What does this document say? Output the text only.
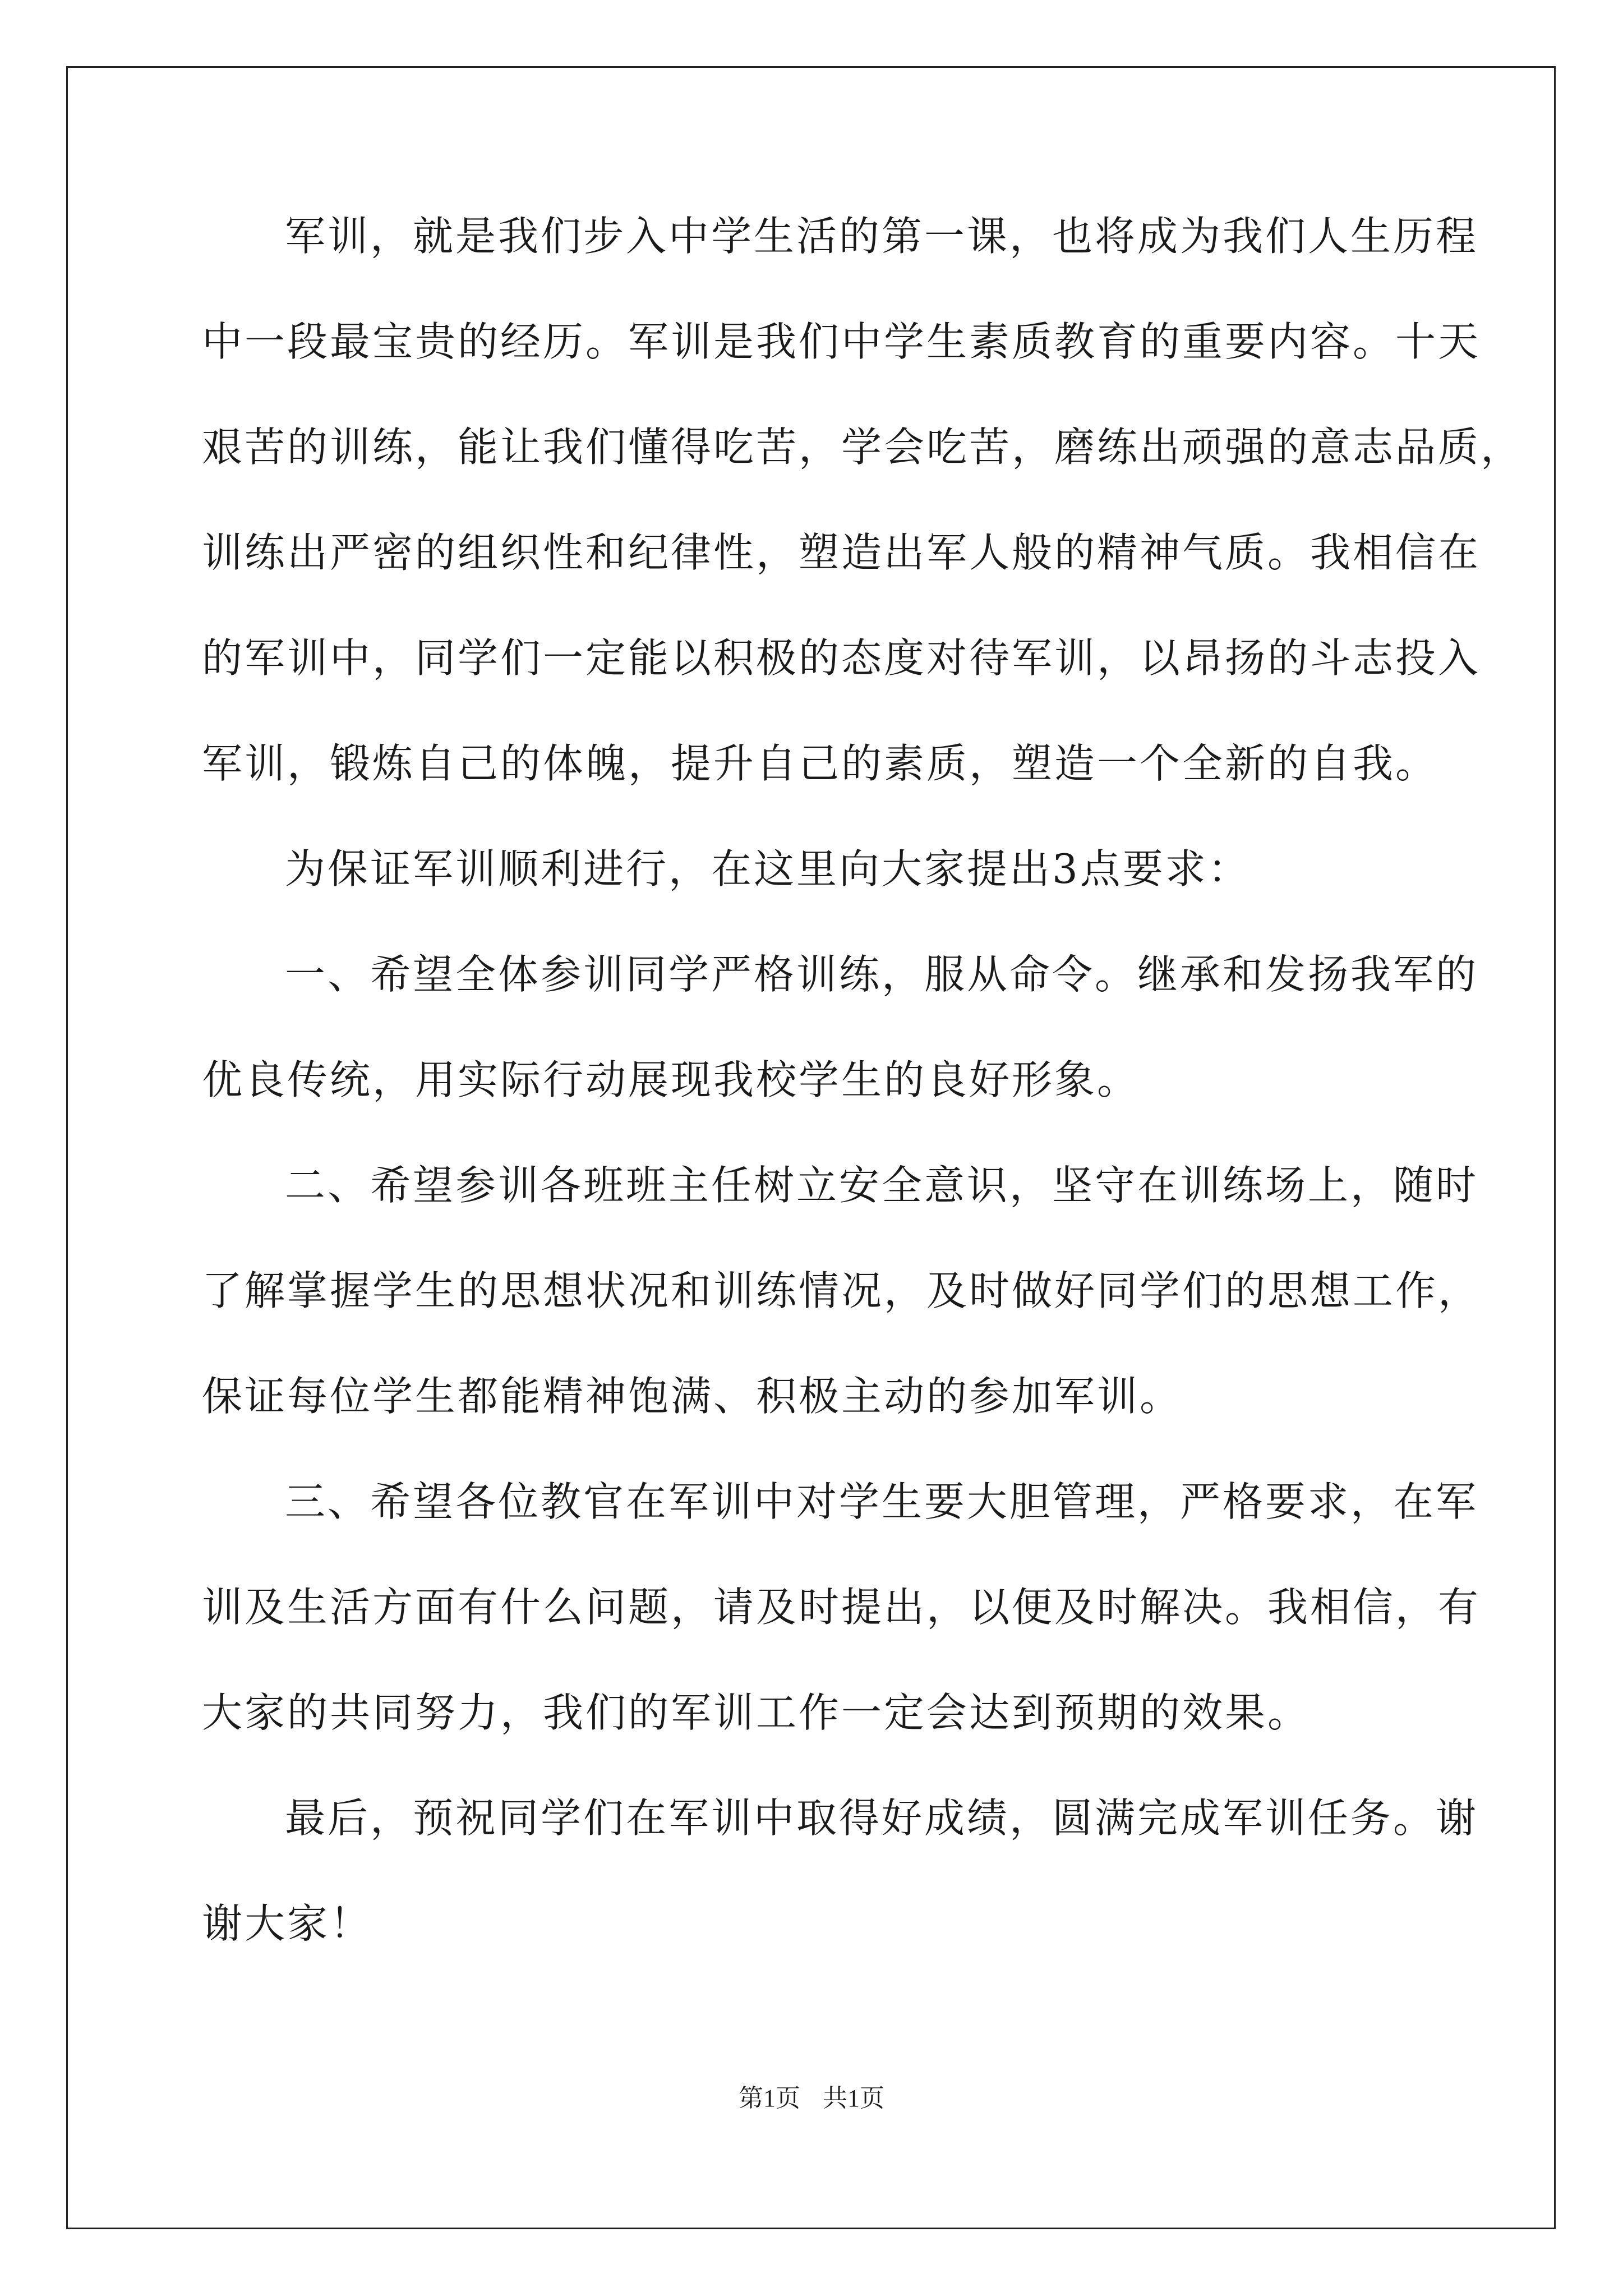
军训，就是我们步入中学生活的第一课，也将成为我们人生历程
中一段最宝贵的经历。军训是我们中学生素质教育的重要内容。十天
艰苦的训练，能让我们懂得吃苦，学会吃苦，磨练出顽强的意志品质，
训练出严密的组织性和纪律性，塑造出军人般的精神气质。我相信在
的军训中，同学们一定能以积极的态度对待军训，以昂扬的斗志投入
军训，锻炼自己的体魄，提升自己的素质，塑造一个全新的自我。
为保证军训顺利进行，在这里向大家提出3点要求：
一、希望全体参训同学严格训练，服从命令。继承和发扬我军的
优良传统，用实际行动展现我校学生的良好形象。
二、希望参训各班班主任树立安全意识，坚守在训练场上，随时
了解掌握学生的思想状况和训练情况，及时做好同学们的思想工作，
保证每位学生都能精神饱满、积极主动的参加军训。
三、希望各位教官在军训中对学生要大胆管理，严格要求，在军
训及生活方面有什么问题，请及时提出，以便及时解决。我相信，有
大家的共同努力，我们的军训工作一定会达到预期的效果。
最后，预祝同学们在军训中取得好成绩，圆满完成军训任务。谢
谢大家！
第1页 共1页
